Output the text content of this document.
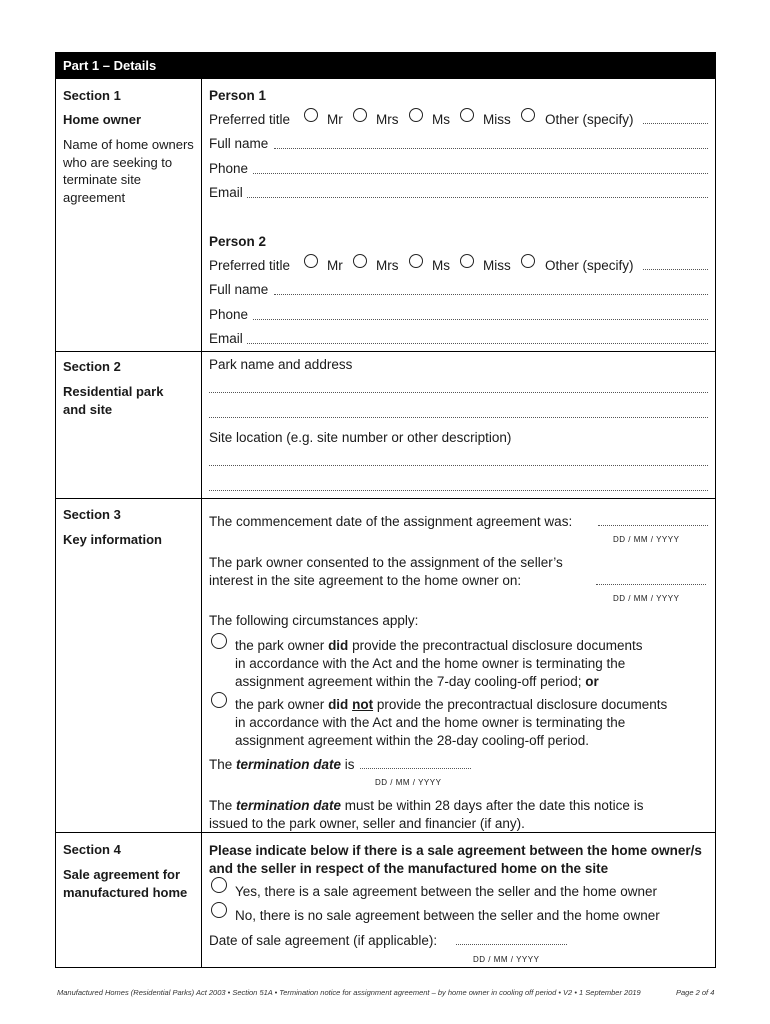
Part 1 – Details
Section 1
Home owner
Name of home owners who are seeking to terminate site agreement
Person 1
Preferred title	Mr Mrs Ms Miss	Other (specify)
Full name
Phone
Email
Person 2
Preferred title	Mr Mrs Ms Miss	Other (specify)
Full name
Phone
Email
Section 2
Residential park and site
Park name and address
Site location (e.g. site number or other description)
Section 3
Key information
The commencement date of the assignment agreement was:
DD / MM / YYYY
The park owner consented to the assignment of the seller’s
interest in the site agreement to the home owner on:
DD / MM / YYYY
The following circumstances apply:
the park owner did provide the precontractual disclosure documents
in accordance with the Act and the home owner is terminating the
assignment agreement within the 7-day cooling-off period; or
the park owner did not provide the precontractual disclosure documents
in accordance with the Act and the home owner is terminating the
assignment agreement within the 28-day cooling-off period.
The termination date is
DD / MM / YYYY
The termination date must be within 28 days after the date this notice is
issued to the park owner, seller and financier (if any).
Section 4
Sale agreement for manufactured home
Please indicate below if there is a sale agreement between the home owner/s
and the seller in respect of the manufactured home on the site
Yes, there is a sale agreement between the seller and the home owner
No, there is no sale agreement between the seller and the home owner
Date of sale agreement (if applicable):
DD / MM / YYYY
Manufactured Homes (Residential Parks) Act 2003 • Section 51A • Termination notice for assignment agreement – by home owner in cooling off period • V2 • 1 September 2019	Page 2 of 4
